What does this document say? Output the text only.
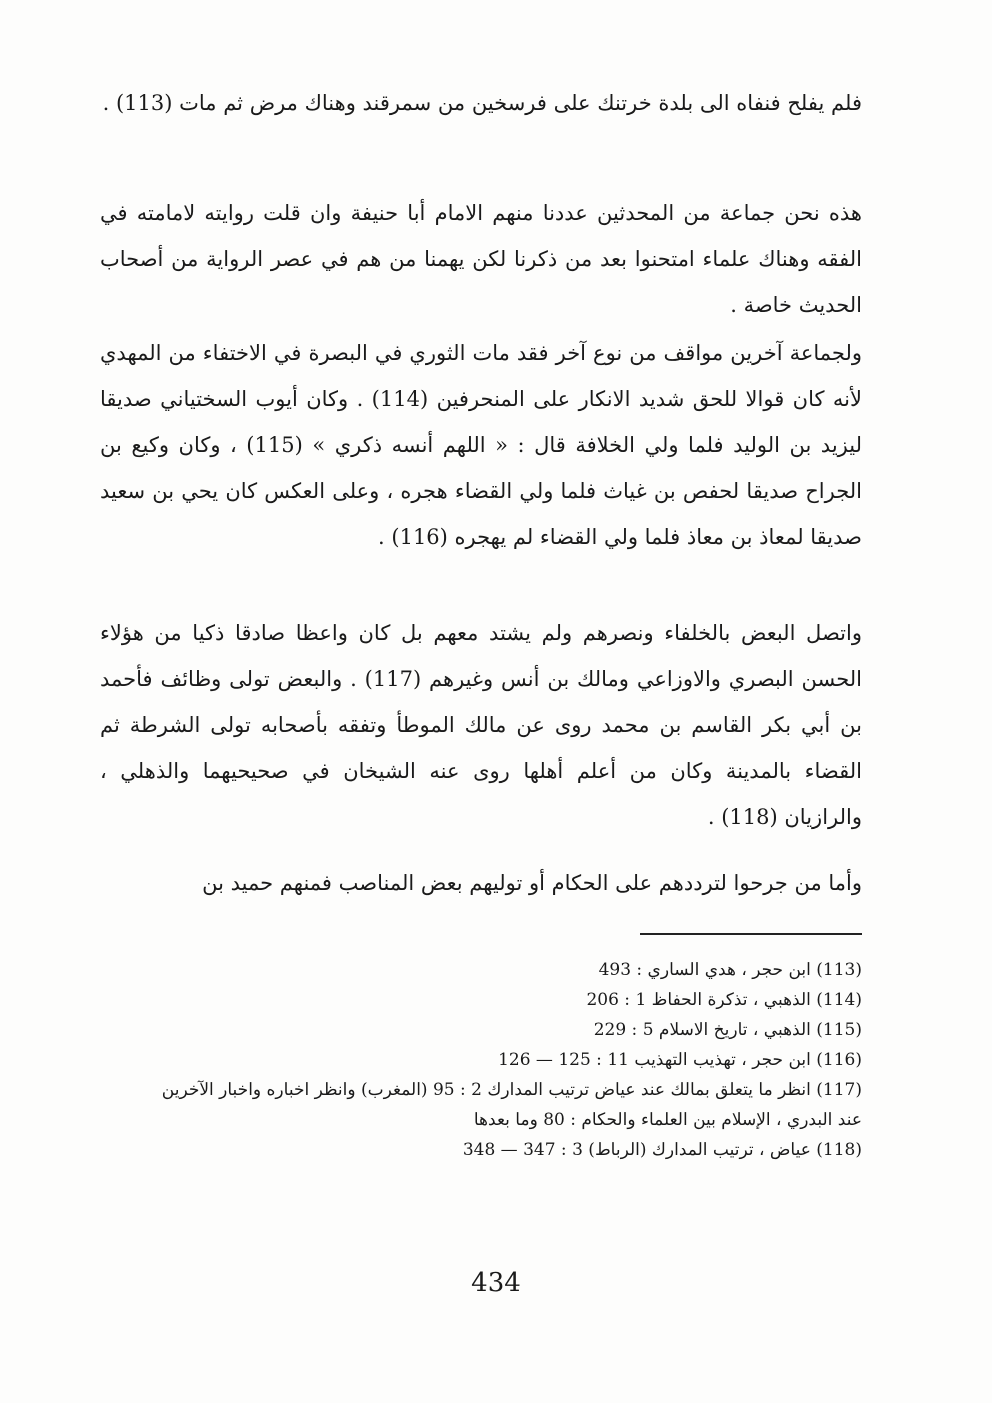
فلم يفلح فنفاه الى بلدة خرتنك على فرسخين من سمرقند وهناك مرض ثم مات (113) .

هذه نحن جماعة من المحدثين عددنا منهم الامام أبا حنيفة وان قلت روايته لامامته في الفقه وهناك علماء امتحنوا بعد من ذكرنا لكن يهمنا من هم في عصر الرواية من أصحاب الحديث خاصة .

ولجماعة آخرين مواقف من نوع آخر فقد مات الثوري في البصرة في الاختفاء من المهدي لأنه كان قوالا للحق شديد الانكار على المنحرفين (114) . وكان أيوب السختياني صديقا ليزيد بن الوليد فلما ولي الخلافة قال : « اللهم أنسه ذكري » (115) ، وكان وكيع بن الجراح صديقا لحفص بن غياث فلما ولي القضاء هجره ، وعلى العكس كان يحي بن سعيد صديقا لمعاذ بن معاذ فلما ولي القضاء لم يهجره (116) .

واتصل البعض بالخلفاء ونصرهم ولم يشتد معهم بل كان واعظا صادقا ذكيا من هؤلاء الحسن البصري والاوزاعي ومالك بن أنس وغيرهم (117) . والبعض تولى وظائف فأحمد بن أبي بكر القاسم بن محمد روى عن مالك الموطأ وتفقه بأصحابه تولى الشرطة ثم القضاء بالمدينة وكان من أعلم أهلها روى عنه الشيخان في صحيحيهما والذهلي ، والرازيان (118) .

وأما من جرحوا لترددهم على الحكام أو توليهم بعض المناصب فمنهم حميد بن

(113) ابن حجر ، هدي الساري : 493

(114) الذهبي ، تذكرة الحفاظ 1 : 206

(115) الذهبي ، تاريخ الاسلام 5 : 229

(116) ابن حجر ، تهذيب التهذيب 11 : 125 — 126

(117) انظر ما يتعلق بمالك عند عياض ترتيب المدارك 2 : 95 (المغرب) وانظر اخباره واخبار الآخرين

عند البدري ، الإسلام بين العلماء والحكام : 80 وما بعدها

(118) عياض ، ترتيب المدارك (الرباط) 3 : 347 — 348

434
